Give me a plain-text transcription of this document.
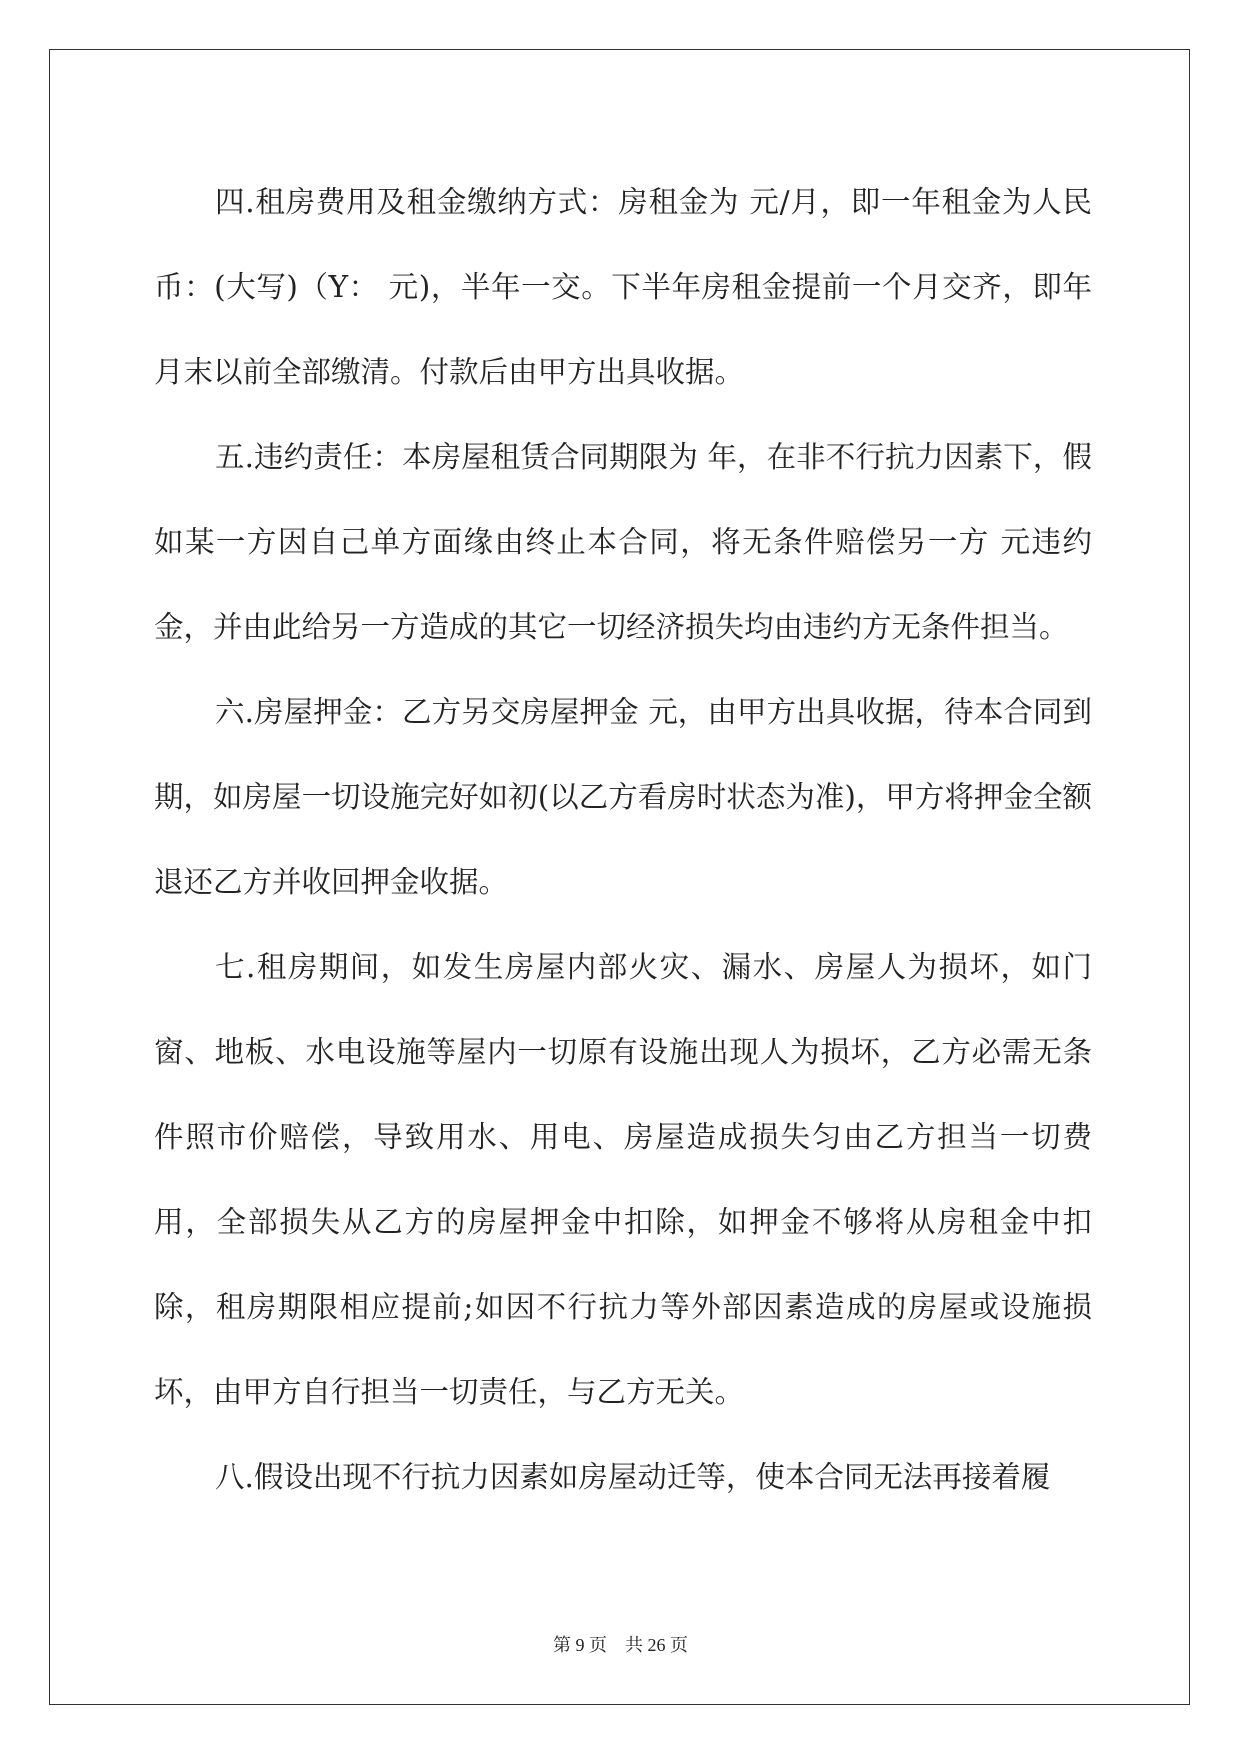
四.租房费用及租金缴纳方式：房租金为 元/月，即一年租金为人民币：(大写)（Y： 元)，半年一交。下半年房租金提前一个月交齐，即年月末以前全部缴清。付款后由甲方出具收据。

五.违约责任：本房屋租赁合同期限为 年，在非不行抗力因素下，假如某一方因自己单方面缘由终止本合同，将无条件赔偿另一方 元违约金，并由此给另一方造成的其它一切经济损失均由违约方无条件担当。

六.房屋押金：乙方另交房屋押金 元，由甲方出具收据，待本合同到期，如房屋一切设施完好如初(以乙方看房时状态为准)，甲方将押金全额退还乙方并收回押金收据。

七.租房期间，如发生房屋内部火灾、漏水、房屋人为损坏，如门窗、地板、水电设施等屋内一切原有设施出现人为损坏，乙方必需无条件照市价赔偿，导致用水、用电、房屋造成损失匀由乙方担当一切费用，全部损失从乙方的房屋押金中扣除，如押金不够将从房租金中扣除，租房期限相应提前;如因不行抗力等外部因素造成的房屋或设施损坏，由甲方自行担当一切责任，与乙方无关。

八.假设出现不行抗力因素如房屋动迁等，使本合同无法再接着履

第 9 页 共 26 页
